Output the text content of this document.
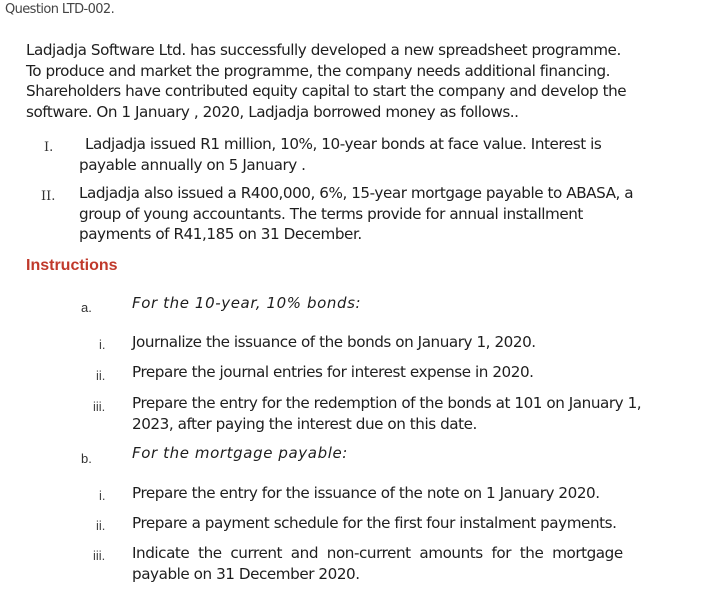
Question LTD-002.
Ladjadja Software Ltd. has successfully developed a new spreadsheet programme.
To produce and market the programme, the company needs additional financing.
Shareholders have contributed equity capital to start the company and develop the
software. On 1 January , 2020, Ladjadja borrowed money as follows..
I.	Ladjadja issued R1 million, 10%, 10-year bonds at face value. Interest is
payable annually on 5 January .
II. Ladjadja also issued a R400,000, 6%, 15-year mortgage payable to ABASA, a
group of young accountants. The terms provide for annual installment
payments of R41,185 on 31 December.
Instructions
a.	For the 10-year, 10% bonds:
i. Journalize the issuance of the bonds on January 1, 2020.
ii. Prepare the journal entries for interest expense in 2020.
iii. Prepare the entry for the redemption of the bonds at 101 on January 1,
2023, after paying the interest due on this date.
b.	For the mortgage payable:
i. Prepare the entry for the issuance of the note on 1 January 2020.
ii. Prepare a payment schedule for the first four instalment payments.
iii. Indicate  the  current  and  non-current  amounts  for  the  mortgage
payable on 31 December 2020.
